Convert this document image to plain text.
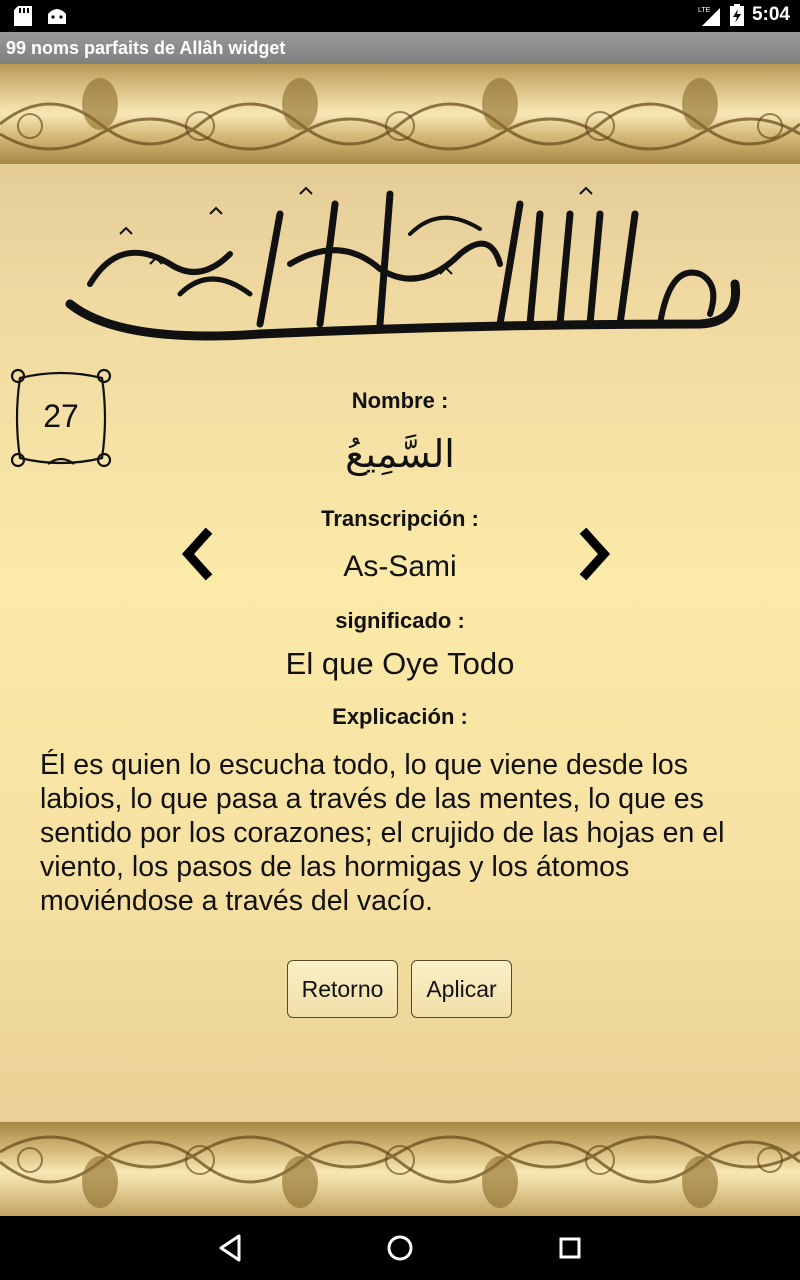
LTE 5:04
99 noms parfaits de Allâh widget
27	Nombre :
السَّمِيعُ
Transcripción :
As-Sami
significado :
El que Oye Todo
Explicación :
Él es quien lo escucha todo, lo que viene desde los labios, lo que pasa a través de las mentes, lo que es sentido por los corazones; el crujido de las hojas en el viento, los pasos de las hormigas y los átomos moviéndose a través del vacío.
Retorno	Aplicar
